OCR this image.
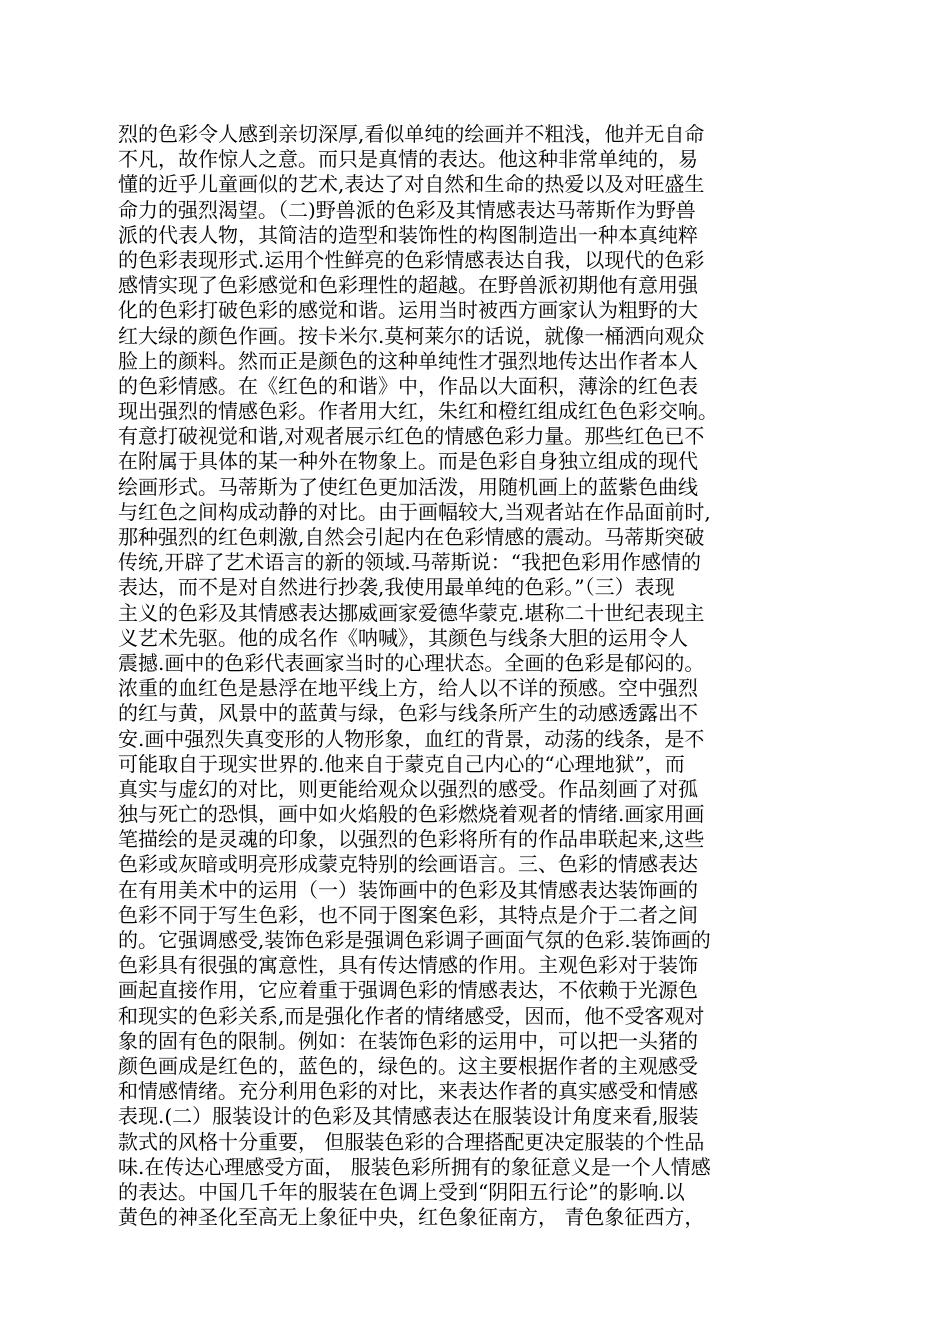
烈的色彩令人感到亲切深厚,看似单纯的绘画并不粗浅，他并无自命
不凡，故作惊人之意。而只是真情的表达。他这种非常单纯的，易
懂的近乎儿童画似的艺术,表达了对自然和生命的热爱以及对旺盛生
命力的强烈渴望。（二)野兽派的色彩及其情感表达马蒂斯作为野兽
派的代表人物，其简洁的造型和装饰性的构图制造出一种本真纯粹
的色彩表现形式.运用个性鲜亮的色彩情感表达自我，以现代的色彩
感情实现了色彩感觉和色彩理性的超越。在野兽派初期他有意用强
化的色彩打破色彩的感觉和谐。运用当时被西方画家认为粗野的大
红大绿的颜色作画。按卡米尔.莫柯莱尔的话说，就像一桶洒向观众
脸上的颜料。然而正是颜色的这种单纯性才强烈地传达出作者本人
的色彩情感。在《红色的和谐》中，作品以大面积，薄涂的红色表
现出强烈的情感色彩。作者用大红，朱红和橙红组成红色色彩交响。
有意打破视觉和谐,对观者展示红色的情感色彩力量。那些红色已不
在附属于具体的某一种外在物象上。而是色彩自身独立组成的现代
绘画形式。马蒂斯为了使红色更加活泼，用随机画上的蓝紫色曲线
与红色之间构成动静的对比。由于画幅较大,当观者站在作品面前时,
那种强烈的红色刺激,自然会引起内在色彩情感的震动。马蒂斯突破
传统,开辟了艺术语言的新的领域.马蒂斯说：“我把色彩用作感情的
表达，而不是对自然进行抄袭,我使用最单纯的色彩。”（三）表现
主义的色彩及其情感表达挪威画家爱德华蒙克.堪称二十世纪表现主
义艺术先驱。他的成名作《呐喊》，其颜色与线条大胆的运用令人
震撼.画中的色彩代表画家当时的心理状态。全画的色彩是郁闷的。
浓重的血红色是悬浮在地平线上方，给人以不详的预感。空中强烈
的红与黄，风景中的蓝黄与绿，色彩与线条所产生的动感透露出不
安.画中强烈失真变形的人物形象，血红的背景，动荡的线条，是不
可能取自于现实世界的.他来自于蒙克自己内心的“心理地狱”，而
真实与虚幻的对比，则更能给观众以强烈的感受。作品刻画了对孤
独与死亡的恐惧，画中如火焰般的色彩燃烧着观者的情绪.画家用画
笔描绘的是灵魂的印象，以强烈的色彩将所有的作品串联起来,这些
色彩或灰暗或明亮形成蒙克特别的绘画语言。三、色彩的情感表达
在有用美术中的运用（一）装饰画中的色彩及其情感表达装饰画的
色彩不同于写生色彩，也不同于图案色彩，其特点是介于二者之间
的。它强调感受,装饰色彩是强调色彩调子画面气氛的色彩.装饰画的
色彩具有很强的寓意性，具有传达情感的作用。主观色彩对于装饰
画起直接作用，它应着重于强调色彩的情感表达，不依赖于光源色
和现实的色彩关系,而是强化作者的情绪感受，因而，他不受客观对
象的固有色的限制。例如：在装饰色彩的运用中，可以把一头猪的
颜色画成是红色的，蓝色的，绿色的。这主要根据作者的主观感受
和情感情绪。充分利用色彩的对比，来表达作者的真实感受和情感
表现.(二）服装设计的色彩及其情感表达在服装设计角度来看,服装
款式的风格十分重要， 但服装色彩的合理搭配更决定服装的个性品
味.在传达心理感受方面， 服装色彩所拥有的象征意义是一个人情感
的表达。中国几千年的服装在色调上受到“阴阳五行论”的影响.以
黄色的神圣化至高无上象征中央，红色象征南方， 青色象征西方，
